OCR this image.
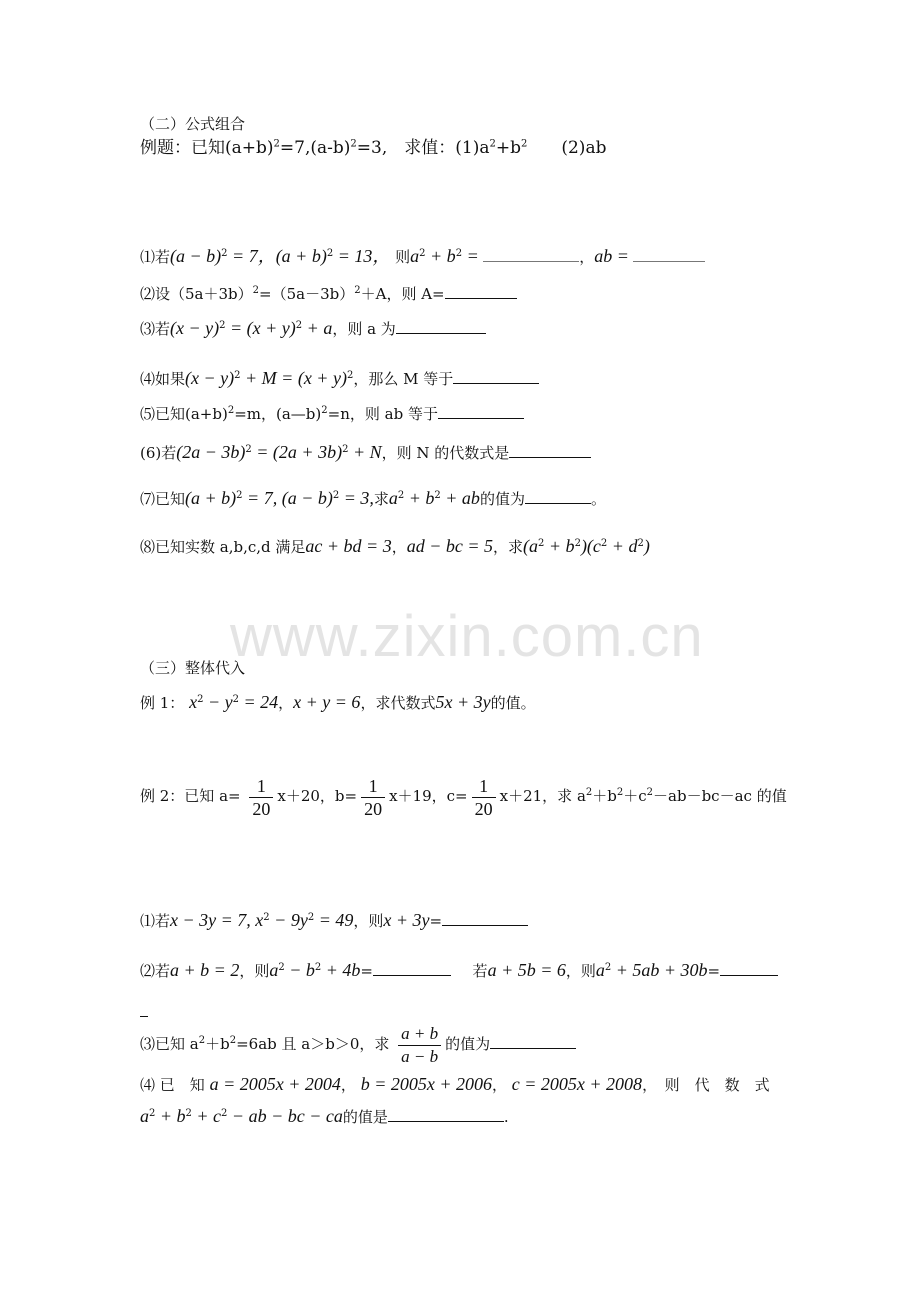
（二）公式组合
例题：已知$(a+b)^2=7,(a-b)^2=3$,　求值：$(1)a^2+b^2$　　(2)ab
⑴若$(a - b)^2 = 7$，$(a + b)^2 = 13$， 则$a^2 + b^2$ =	，ab =
⑵设$(5a+3b)^2=(5a-3b)^2+A$，则 A=
⑶若$(x - y)^2 = (x + y)^2 + a$，则 a 为
⑷如果$(x - y)^2 + M = (x + y)^2$，那么 M 等于
⑸已知$(a+b)^2=m$，(a—b)$^2$=n，则 ab 等于
(6)若$(2a - 3b)^2 = (2a + 3b)^2 + N$，则 N 的代数式是
⑺已知$(a + b)^2 = 7$, $(a - b)^2 = 3$,求$a^2 + b^2$ + ab的值为	。
⑻已知实数 a,b,c,d 满足ac + bd = 3，ad − bc = 5，求$(a^2 + b^2)(c^2 + d^2)$
www.zixin.com.cn
（三）整体代入
例 1： $x^2 - y^2 = 24$，x + y = 6，求代数式5x + 3y的值。
例 2：已知 $a= \frac{1}{20} x+20$，$b= \frac{1}{20} x+19$，$c= \frac{1}{20} x+21$，求 $a^2+b^2+c^2-ab-bc-ac$ 的值
⑴若x − 3y = 7, $x^2 - 9y^2 = 49$，则x + 3y=
⑵若a + b = 2，则$a^2 - b^2 + 4b=$	若a + 5b = 6，则$a^2 + 5ab + 30b=$
⑶已知 $a^2+b^2=6ab$ 且 a＞b＞0，求 $\frac{a + b}{a - b}$ 的值为
⑷ 已　知 a = 2005x + 2004， b = 2005x + 2006， c = 2005x + 2008，　则　代　数　式
$a^2 + b^2 + c^2$ − ab − bc − ca的值是	.
